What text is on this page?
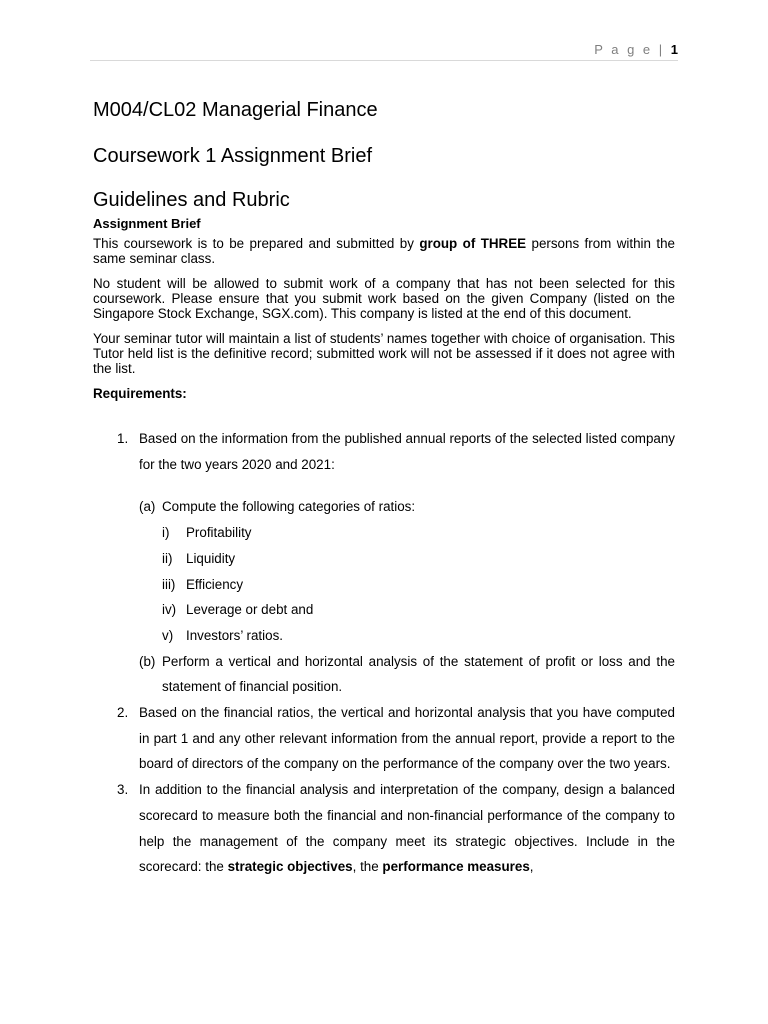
P a g e | 1
M004/CL02 Managerial Finance
Coursework 1 Assignment Brief
Guidelines and Rubric
Assignment Brief

This coursework is to be prepared and submitted by group of THREE persons from within the same seminar class.

No student will be allowed to submit work of a company that has not been selected for this coursework. Please ensure that you submit work based on the given Company (listed on the Singapore Stock Exchange, SGX.com). This company is listed at the end of this document.

Your seminar tutor will maintain a list of students’ names together with choice of organisation. This Tutor held list is the definitive record; submitted work will not be assessed if it does not agree with the list.

Requirements:
1. Based on the information from the published annual reports of the selected listed company for the two years 2020 and 2021:
(a) Compute the following categories of ratios:
i) Profitability
ii) Liquidity
iii) Efficiency
iv) Leverage or debt and
v) Investors’ ratios.
(b) Perform a vertical and horizontal analysis of the statement of profit or loss and the statement of financial position.
2. Based on the financial ratios, the vertical and horizontal analysis that you have computed in part 1 and any other relevant information from the annual report, provide a report to the board of directors of the company on the performance of the company over the two years.
3. In addition to the financial analysis and interpretation of the company, design a balanced scorecard to measure both the financial and non-financial performance of the company to help the management of the company meet its strategic objectives. Include in the scorecard: the strategic objectives, the performance measures,
